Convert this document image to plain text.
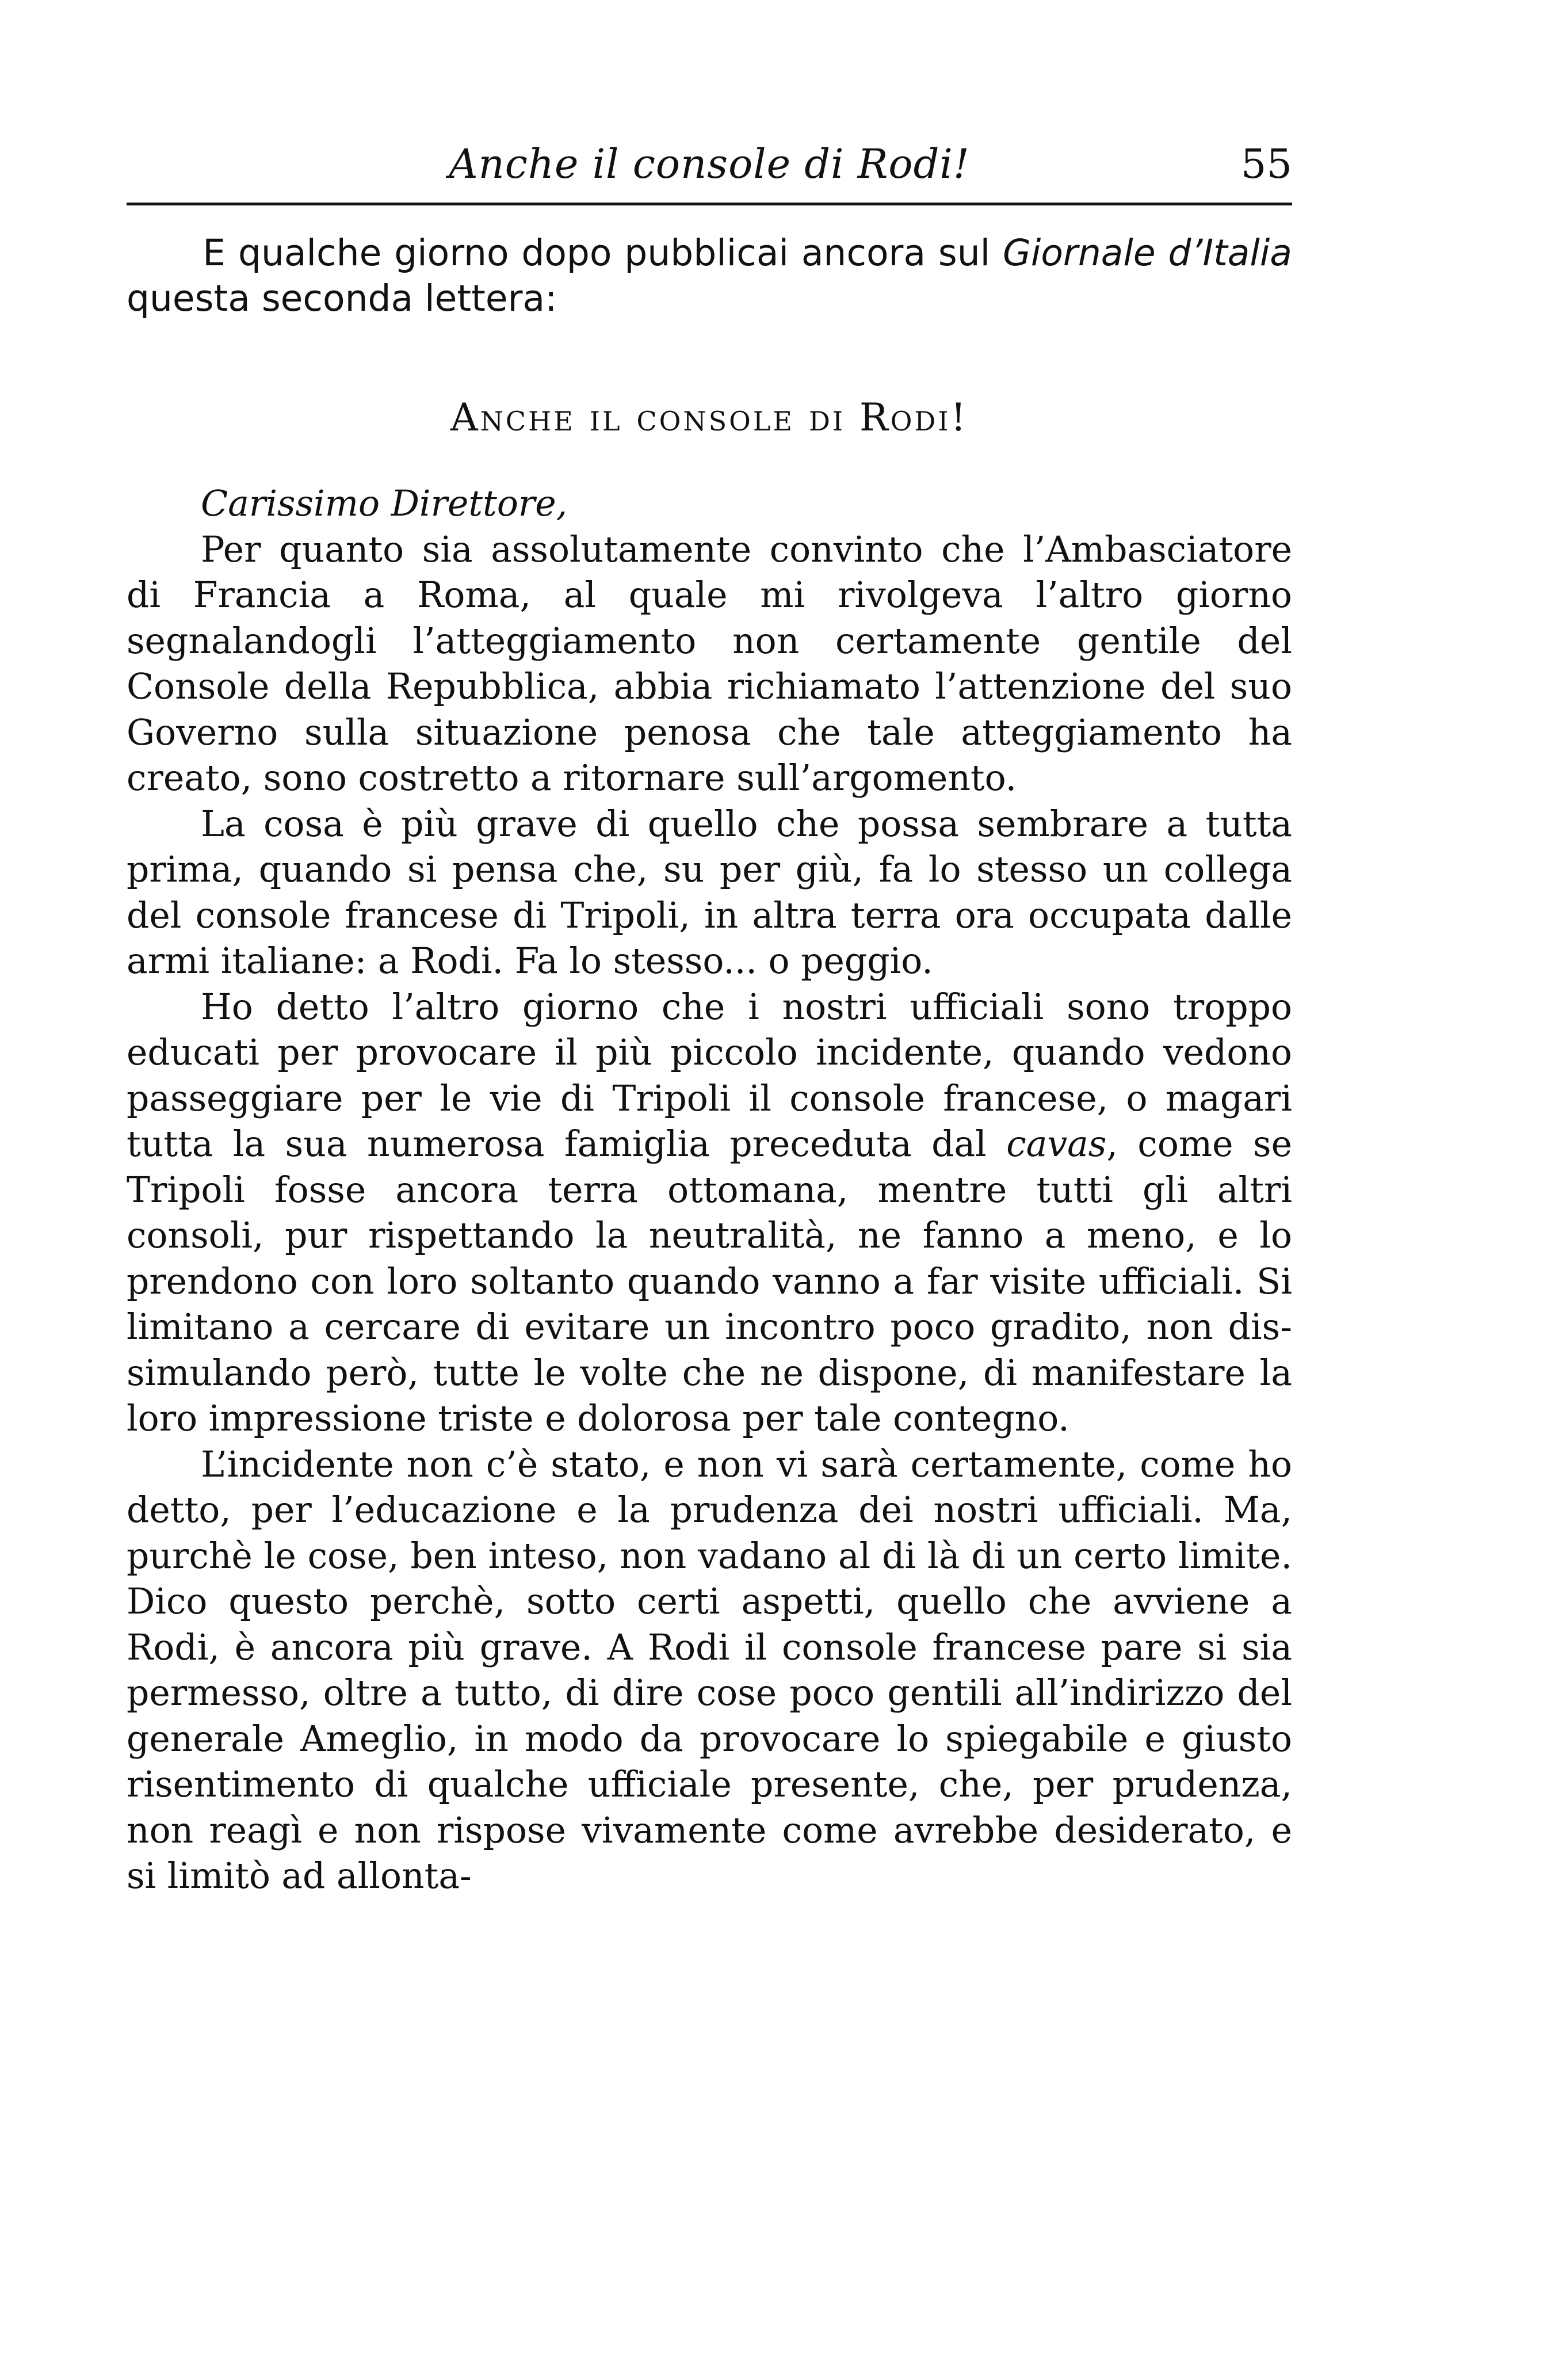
Anche il console di Rodi!	55

E qualche giorno dopo pubblicai ancora sul Giornale d’Italia questa seconda lettera:

Anche il console di Rodi!

Carissimo Direttore,

Per quanto sia assolutamente convinto che l’Ambasciatore di Francia a Roma, al quale mi rivolgeva l’altro giorno segnalandogli l’atteggiamento non certamente gentile del Console della Repubblica, abbia richiamato l’attenzione del suo Governo sulla situazione penosa che tale atteggiamento ha creato, sono costretto a ritornare sull’argomento.

La cosa è più grave di quello che possa sembrare a tutta prima, quando si pensa che, su per giù, fa lo stesso un collega del console francese di Tripoli, in altra terra ora occupata dalle armi italiane: a Rodi. Fa lo stesso... o peggio.

Ho detto l’altro giorno che i nostri ufficiali sono troppo educati per provocare il più piccolo incidente, quando vedono passeggiare per le vie di Tripoli il console francese, o magari tutta la sua numerosa famiglia preceduta dal cavas, come se Tripoli fosse ancora terra ottomana, mentre tutti gli altri consoli, pur rispettando la neutralità, ne fanno a meno, e lo prendono con loro soltanto quando vanno a far visite ufficiali. Si limitano a cercare di evitare un incontro poco gradito, non dissimulando però, tutte le volte che ne dispone, di manifestare la loro impressione triste e dolorosa per tale contegno.

L’incidente non c’è stato, e non vi sarà certamente, come ho detto, per l’educazione e la prudenza dei nostri ufficiali. Ma, purchè le cose, ben inteso, non vadano al di là di un certo limite. Dico questo perchè, sotto certi aspetti, quello che avviene a Rodi, è ancora più grave. A Rodi il console francese pare si sia permesso, oltre a tutto, di dire cose poco gentili all’indirizzo del generale Ameglio, in modo da provocare lo spiegabile e giusto risentimento di qualche ufficiale presente, che, per prudenza, non reagì e non rispose vivamente come avrebbe desiderato, e si limitò ad allonta-
